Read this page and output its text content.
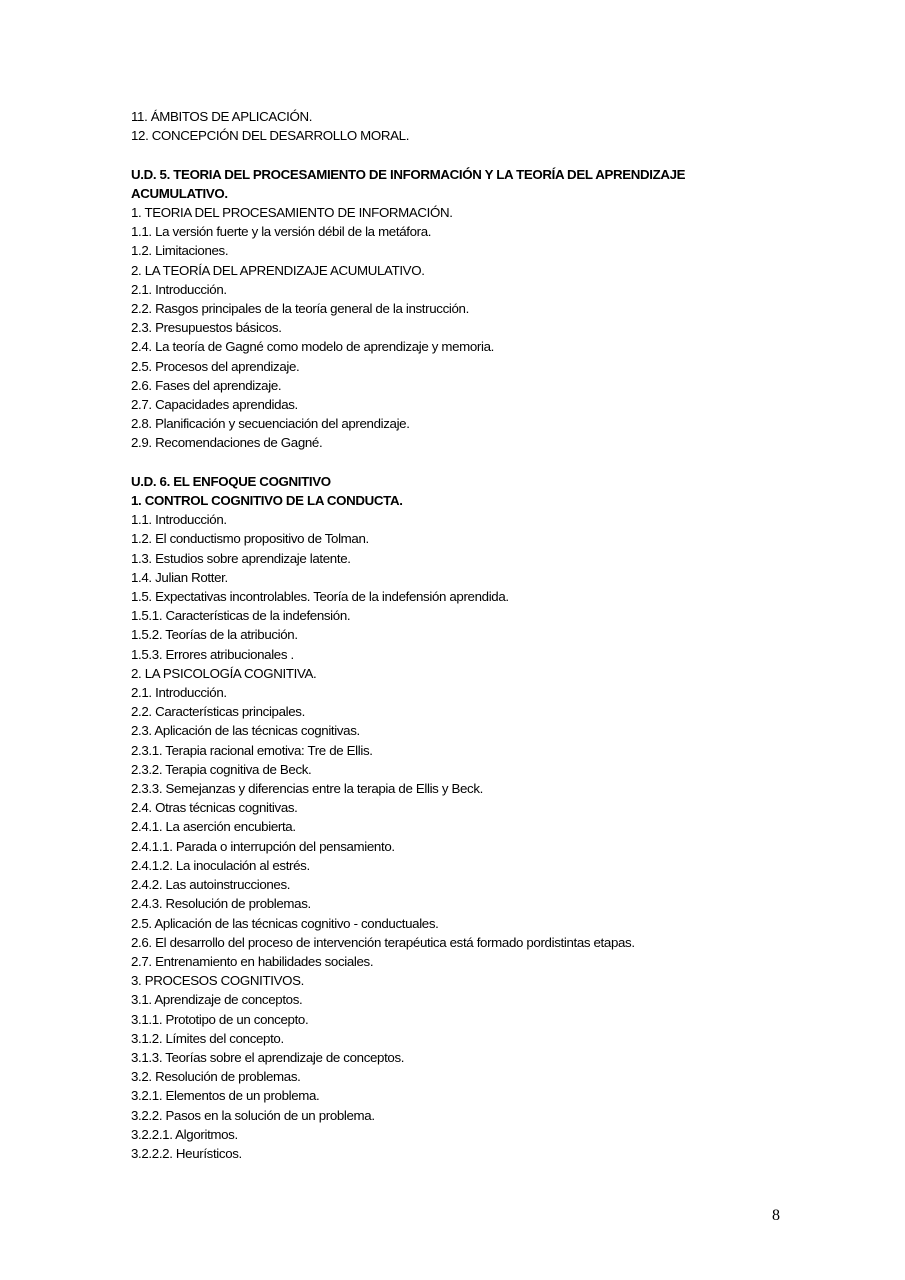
11. ÁMBITOS DE APLICACIÓN.
12. CONCEPCIÓN DEL DESARROLLO MORAL.
U.D. 5. TEORIA DEL PROCESAMIENTO DE INFORMACIÓN Y LA TEORÍA DEL APRENDIZAJE ACUMULATIVO.
1. TEORIA DEL PROCESAMIENTO DE INFORMACIÓN.
1.1. La versión fuerte y la versión débil de la metáfora.
1.2. Limitaciones.
2. LA TEORÍA DEL APRENDIZAJE ACUMULATIVO.
2.1. Introducción.
2.2. Rasgos principales de la teoría general de la instrucción.
2.3. Presupuestos básicos.
2.4. La teoría de Gagné como modelo de aprendizaje y memoria.
2.5. Procesos del aprendizaje.
2.6. Fases del aprendizaje.
2.7. Capacidades aprendidas.
2.8. Planificación y secuenciación del aprendizaje.
2.9. Recomendaciones de Gagné.
U.D. 6. EL ENFOQUE COGNITIVO
1. CONTROL COGNITIVO DE LA CONDUCTA.
1.1. Introducción.
1.2. El conductismo propositivo de Tolman.
1.3. Estudios sobre aprendizaje latente.
1.4. Julian Rotter.
1.5. Expectativas incontrolables. Teoría de la indefensión aprendida.
1.5.1. Características de la indefensión.
1.5.2. Teorías de la atribución.
1.5.3. Errores atribucionales .
2. LA PSICOLOGÍA COGNITIVA.
2.1. Introducción.
2.2. Características principales.
2.3. Aplicación de las técnicas cognitivas.
2.3.1. Terapia racional emotiva: Tre de Ellis.
2.3.2. Terapia cognitiva de Beck.
2.3.3. Semejanzas y diferencias entre la terapia de Ellis y Beck.
2.4. Otras técnicas cognitivas.
2.4.1. La aserción encubierta.
2.4.1.1. Parada o interrupción del pensamiento.
2.4.1.2. La inoculación al estrés.
2.4.2. Las autoinstrucciones.
2.4.3. Resolución de problemas.
2.5. Aplicación de las técnicas cognitivo - conductuales.
2.6. El desarrollo del proceso de intervención terapéutica está formado pordistintas etapas.
2.7. Entrenamiento en habilidades sociales.
3. PROCESOS COGNITIVOS.
3.1. Aprendizaje de conceptos.
3.1.1. Prototipo de un concepto.
3.1.2. Límites del concepto.
3.1.3. Teorías sobre el aprendizaje de conceptos.
3.2. Resolución de problemas.
3.2.1. Elementos de un problema.
3.2.2. Pasos en la solución de un problema.
3.2.2.1. Algoritmos.
3.2.2.2. Heurísticos.
8
